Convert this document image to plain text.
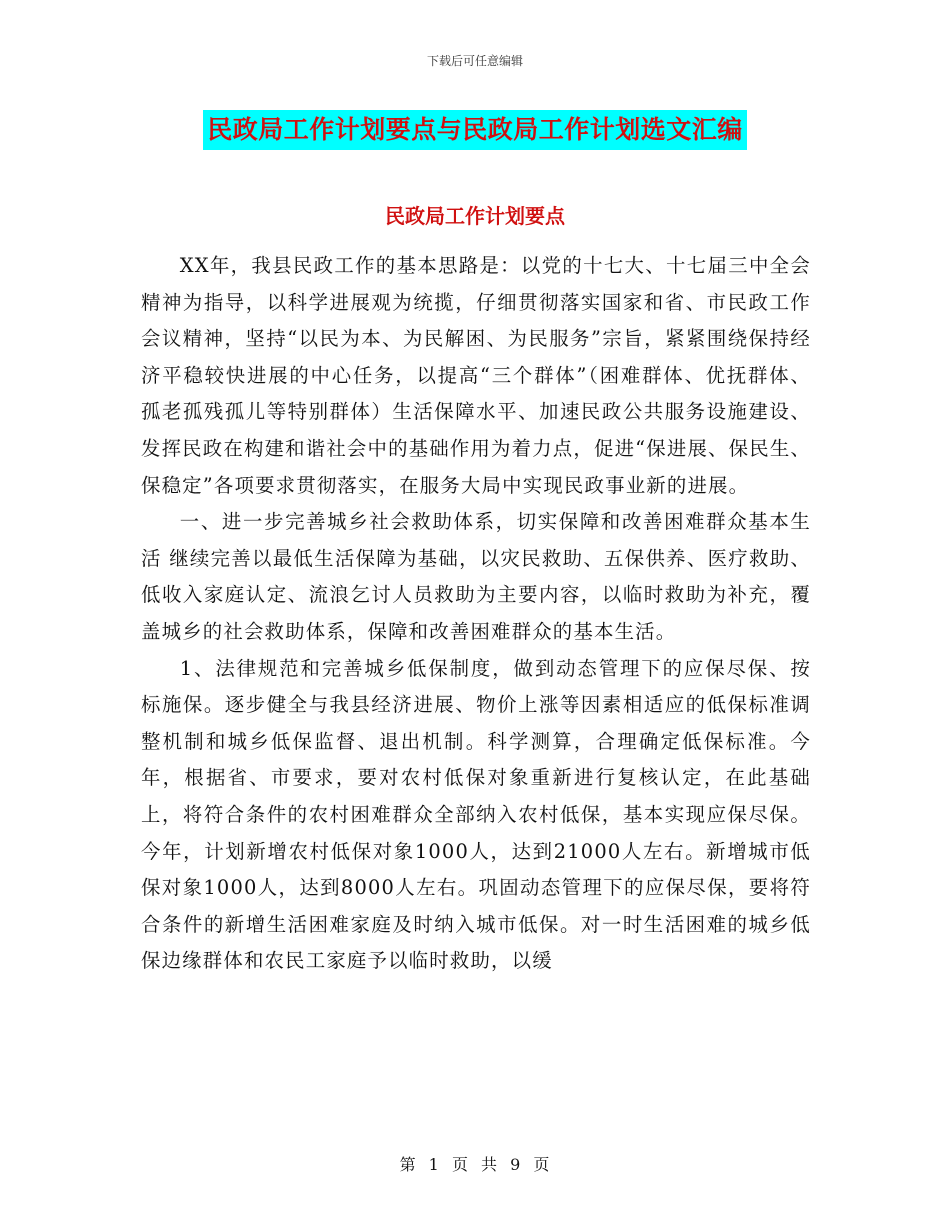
下载后可任意编辑
民政局工作计划要点与民政局工作计划选文汇编
民政局工作计划要点

XX年，我县民政工作的基本思路是：以党的十七大、十七届三中全会精神为指导，以科学进展观为统揽，仔细贯彻落实国家和省、市民政工作会议精神，坚持“以民为本、为民解困、为民服务”宗旨，紧紧围绕保持经济平稳较快进展的中心任务，以提高“三个群体”（困难群体、优抚群体、孤老孤残孤儿等特别群体）生活保障水平、加速民政公共服务设施建设、发挥民政在构建和谐社会中的基础作用为着力点，促进“保进展、保民生、保稳定”各项要求贯彻落实，在服务大局中实现民政事业新的进展。

一、进一步完善城乡社会救助体系，切实保障和改善困难群众基本生活 继续完善以最低生活保障为基础，以灾民救助、五保供养、医疗救助、低收入家庭认定、流浪乞讨人员救助为主要内容，以临时救助为补充，覆盖城乡的社会救助体系，保障和改善困难群众的基本生活。

1、法律规范和完善城乡低保制度，做到动态管理下的应保尽保、按标施保。逐步健全与我县经济进展、物价上涨等因素相适应的低保标准调整机制和城乡低保监督、退出机制。科学测算，合理确定低保标准。今年，根据省、市要求，要对农村低保对象重新进行复核认定，在此基础上，将符合条件的农村困难群众全部纳入农村低保，基本实现应保尽保。今年，计划新增农村低保对象1000人，达到21000人左右。新增城市低保对象1000人，达到8000人左右。巩固动态管理下的应保尽保，要将符合条件的新增生活困难家庭及时纳入城市低保。对一时生活困难的城乡低保边缘群体和农民工家庭予以临时救助，以缓

第 1 页 共 9 页
